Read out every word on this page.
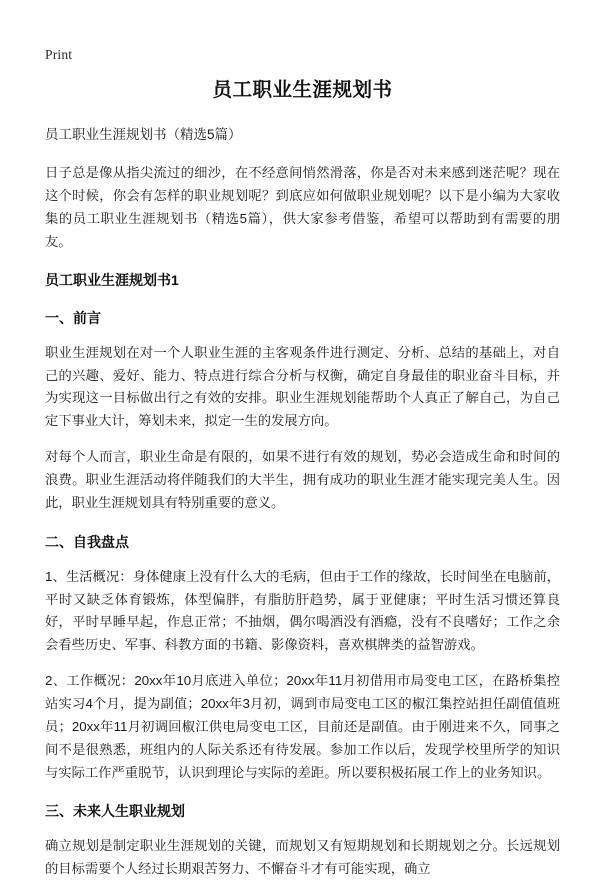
Print
员工职业生涯规划书

员工职业生涯规划书（精选5篇）

日子总是像从指尖流过的细沙，在不经意间悄然滑落，你是否对未来感到迷茫呢？现在这个时候，你会有怎样的职业规划呢？到底应如何做职业规划呢？以下是小编为大家收集的员工职业生涯规划书（精选5篇），供大家参考借鉴，希望可以帮助到有需要的朋友。

员工职业生涯规划书1
一、前言

职业生涯规划在对一个人职业生涯的主客观条件进行测定、分析、总结的基础上，对自己的兴趣、爱好、能力、特点进行综合分析与权衡，确定自身最佳的职业奋斗目标，并为实现这一目标做出行之有效的安排。职业生涯规划能帮助个人真正了解自己，为自己定下事业大计，筹划未来，拟定一生的发展方向。

对每个人而言，职业生命是有限的，如果不进行有效的规划，势必会造成生命和时间的浪费。职业生涯活动将伴随我们的大半生，拥有成功的职业生涯才能实现完美人生。因此，职业生涯规划具有特别重要的意义。

二、自我盘点

1、生活概况：身体健康上没有什么大的毛病，但由于工作的缘故，长时间坐在电脑前，平时又缺乏体育锻炼，体型偏胖，有脂肪肝趋势，属于亚健康；平时生活习惯还算良好，平时早睡早起，作息正常；不抽烟，偶尔喝酒没有酒瘾，没有不良嗜好；工作之余会看些历史、军事、科教方面的书籍、影像资料，喜欢棋牌类的益智游戏。

2、工作概况：20xx年10月底进入单位；20xx年11月初借用市局变电工区，在路桥集控站实习4个月，提为副值；20xx年3月初，调到市局变电工区的椒江集控站担任副值值班员；20xx年11月初调回椒江供电局变电工区，目前还是副值。由于刚进来不久，同事之间不是很熟悉，班组内的人际关系还有待发展。参加工作以后，发现学校里所学的知识与实际工作严重脱节，认识到理论与实际的差距。所以要积极拓展工作上的业务知识。

三、未来人生职业规划

确立规划是制定职业生涯规划的关键，而规划又有短期规划和长期规划之分。长远规划的目标需要个人经过长期艰苦努力、不懈奋斗才有可能实现，确立
